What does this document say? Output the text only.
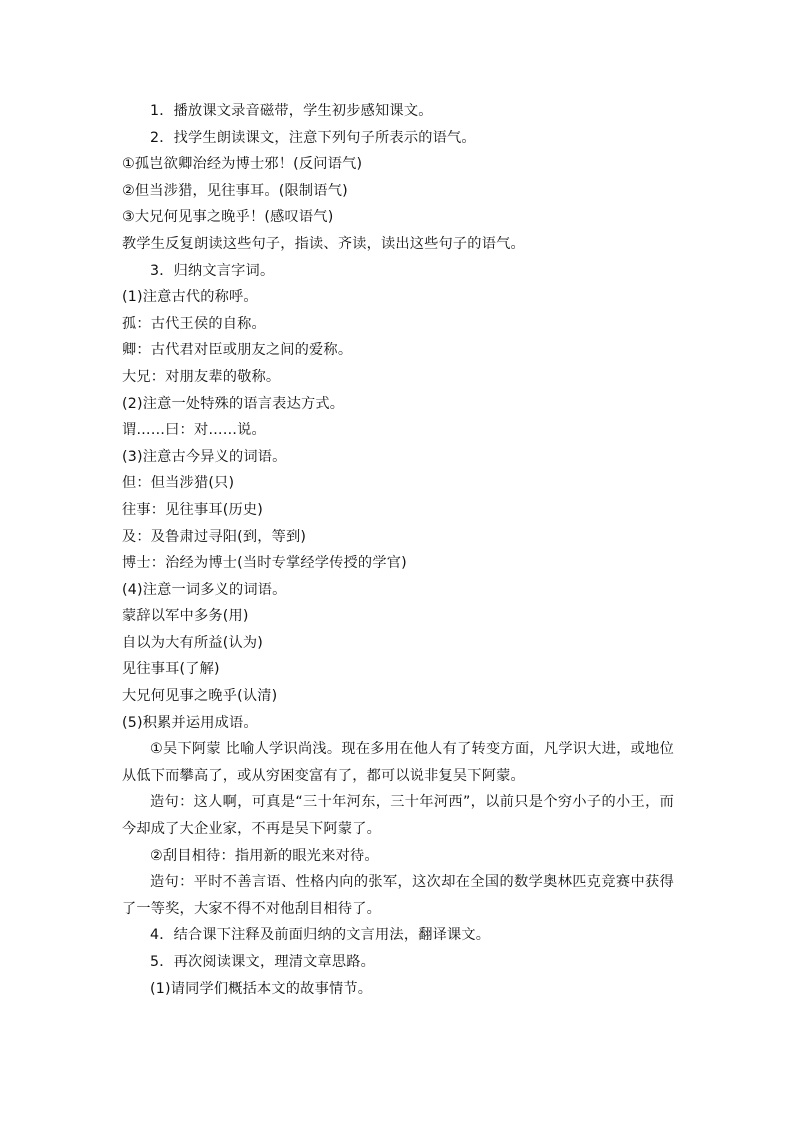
1．播放课文录音磁带，学生初步感知课文。
2．找学生朗读课文，注意下列句子所表示的语气。
①孤岂欲卿治经为博士邪！(反问语气)
②但当涉猎，见往事耳。(限制语气)
③大兄何见事之晚乎！(感叹语气)
教学生反复朗读这些句子，指读、齐读，读出这些句子的语气。
3．归纳文言字词。
(1)注意古代的称呼。
孤：古代王侯的自称。
卿：古代君对臣或朋友之间的爱称。
大兄：对朋友辈的敬称。
(2)注意一处特殊的语言表达方式。
谓……曰：对……说。
(3)注意古今异义的词语。
但：但当涉猎(只)
往事：见往事耳(历史)
及：及鲁肃过寻阳(到，等到)
博士：治经为博士(当时专掌经学传授的学官)
(4)注意一词多义的词语。
蒙辞以军中多务(用)
自以为大有所益(认为)
见往事耳(了解)
大兄何见事之晚乎(认清)
(5)积累并运用成语。
①吴下阿蒙 比喻人学识尚浅。现在多用在他人有了转变方面，凡学识大进，或地位从低下而攀高了，或从穷困变富有了，都可以说非复吴下阿蒙。
造句：这人啊，可真是“三十年河东，三十年河西”，以前只是个穷小子的小王，而今却成了大企业家，不再是吴下阿蒙了。
②刮目相待：指用新的眼光来对待。
造句：平时不善言语、性格内向的张军，这次却在全国的数学奥林匹克竞赛中获得了一等奖，大家不得不对他刮目相待了。
4．结合课下注释及前面归纳的文言用法，翻译课文。
5．再次阅读课文，理清文章思路。
(1)请同学们概括本文的故事情节。
